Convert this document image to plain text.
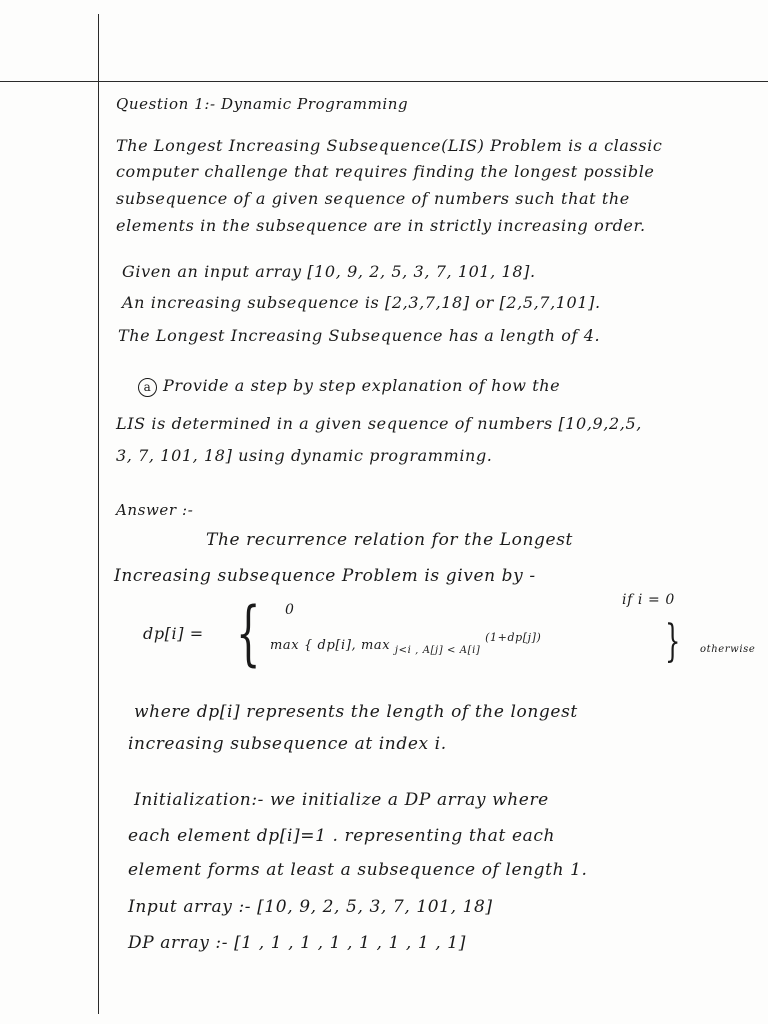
Question 1:- Dynamic Programming
The Longest Increasing Subsequence(LIS) Problem is a classic
computer challenge that requires finding the longest possible
subsequence of a given sequence of numbers such that the
elements in the subsequence are in strictly increasing order.
Given an input array [10, 9, 2, 5, 3, 7, 101, 18].
An increasing subsequence is [2,3,7,18] or [2,5,7,101].
The Longest Increasing Subsequence has a length of 4.
a Provide a step by step explanation of how the
LIS is determined in a given sequence of numbers [10,9,2,5,
3, 7, 101, 18] using dynamic programming.
Answer :-
The recurrence relation for the Longest
Increasing subsequence Problem is given by -
dp[i] = { 0
if i = 0
max { dp[i], max $_{j<i , A[j] < A[i]}$ $^{(1+dp[j])}$	} otherwise
where dp[i] represents the length of the longest
increasing subsequence at index i.
Initialization:- we initialize a DP array where
each element dp[i]=1 . representing that each
element forms at least a subsequence of length 1.
Input array :- [10, 9, 2, 5, 3, 7, 101, 18]
DP array :- [1 , 1 , 1 , 1 , 1 , 1 , 1 , 1]
